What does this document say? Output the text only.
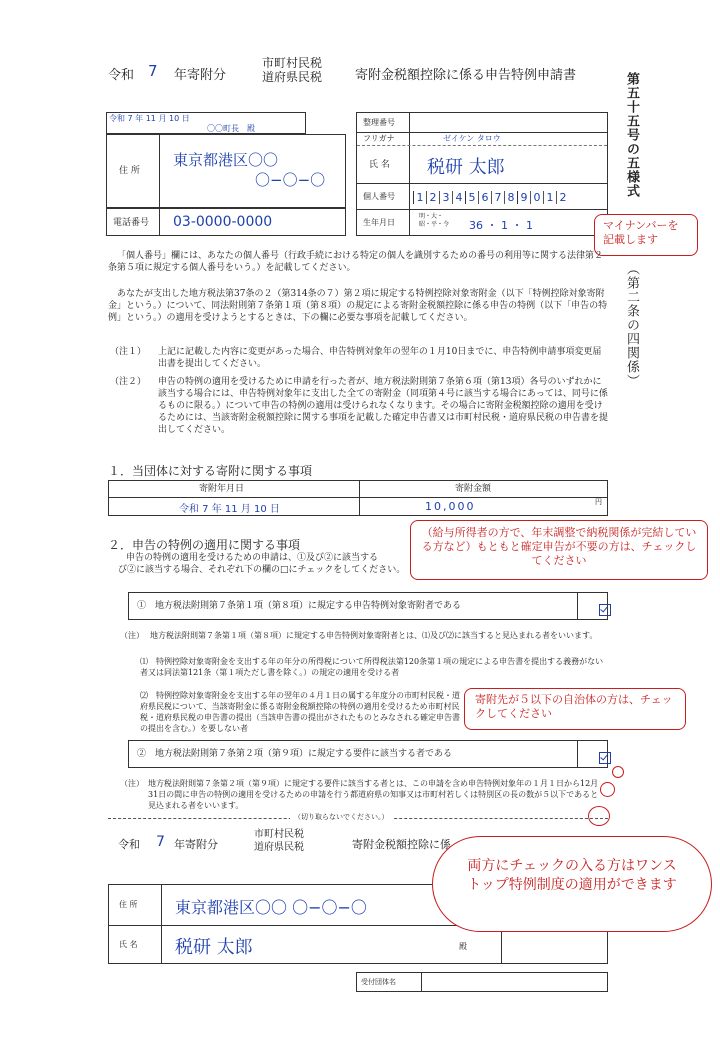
令和 7 年寄附分
市町村民税
道府県民税	寄附金税額控除に係る申告特例申請書	第五十五号の五様式
（第二条の四関係）
令和 7 年 11 月 10 日
〇〇町長　殿
住 所
東京都港区〇〇
〇−〇−〇
電話番号 03-0000-0000
整理番号
フリガナ	ゼイケン タロウ
氏 名 税研 太郎
個人番号	1 2 3 4 5 6 7 8 9 0 1 2
生年月日
明・大・昭・平・令 36 ・ 1 ・ 1	マイナンバーを記載します
「個人番号」欄には、あなたの個人番号（行政手続における特定の個人を識別するための番号の利用等に関する法律第２条第５項に規定する個人番号をいう。）を記載してください。
あなたが支出した地方税法第37条の２（第314条の７）第２項に規定する特例控除対象寄附金（以下「特例控除対象寄附金」という。）について、同法附則第７条第１項（第８項）の規定による寄附金税額控除に係る申告の特例（以下「申告の特例」という。）の適用を受けようとするときは、下の欄に必要な事項を記載してください。
（注１） 上記に記載した内容に変更があった場合、申告特例対象年の翌年の１月10日までに、申告特例申請事項変更届出書を提出してください。
（注２） 申告の特例の適用を受けるために申請を行った者が、地方税法附則第７条第６項（第13項）各号のいずれかに該当する場合には、申告特例対象年に支出した全ての寄附金（同項第４号に該当する場合にあっては、同号に係るものに限る。）について申告の特例の適用は受けられなくなります。その場合に寄附金税額控除の適用を受けるためには、当該寄附金税額控除に関する事項を記載した確定申告書又は市町村民税・道府県民税の申告書を提出してください。
１．当団体に対する寄附に関する事項
寄附年月日	寄附金額
令和 7 年 11 月 10 日	10,000	円
２．申告の特例の適用に関する事項
申告の特例の適用を受けるための申請は、①及び②に該当する
び②に該当する場合、それぞれ下の欄の□にチェックをしてください。
（給与所得者の方で、年末調整で納税関係が完結している方など）もともと確定申告が不要の方は、チェックしてください
①　地方税法附則第７条第１項（第８項）に規定する申告特例対象寄附者である
（注） 地方税法附則第７条第１項（第８項）に規定する申告特例対象寄附者とは、⑴及び⑵に該当すると見込まれる者をいいます。
⑴　特例控除対象寄附金を支出する年の年分の所得税について所得税法第120条第１項の規定による申告書を提出する義務がない者又は同法第121条（第１項ただし書を除く。）の規定の適用を受ける者
⑵　特例控除対象寄附金を支出する年の翌年の４月１日の属する年度分の市町村民税・道府県民税について、当該寄附金に係る寄附金税額控除の特例の適用を受けるため市町村民税・道府県民税の申告書の提出（当該申告書の提出がされたものとみなされる確定申告書の提出を含む。）を要しない者
寄附先が５以下の自治体の方は、チェックしてください
②　地方税法附則第７条第２項（第９項）に規定する要件に該当する者である
（注） 地方税法附則第７条第２項（第９項）に規定する要件に該当する者とは、この申請を含め申告特例対象年の１月１日から12月31日の間に申告の特例の適用を受けるための申請を行う都道府県の知事又は市町村若しくは特別区の長の数が５以下であると見込まれる者をいいます。
（切り取らないでください。）
令和 7 年寄附分
市町村民税
道府県民税	寄附金税額控除に係
住 所 東京都港区〇〇 〇−〇−〇
氏 名 税研 太郎	殿
受付団体名
両方にチェックの入る方はワンストップ特例制度の適用ができます
